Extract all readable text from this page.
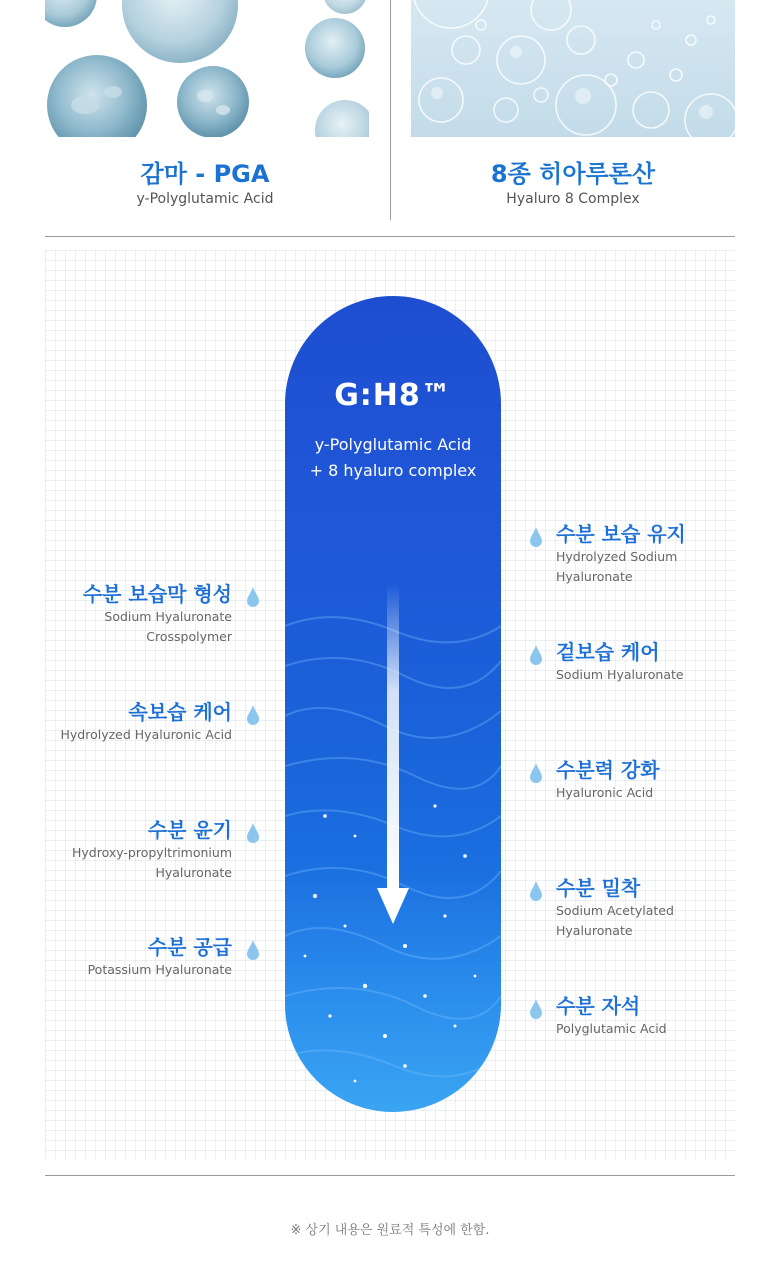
감마 - PGA
y-Polyglutamic Acid
8종 히아루론산
Hyaluro 8 Complex
G:H8™
y-Polyglutamic Acid
+ 8 hyaluro complex
수분 보습막 형성
Sodium Hyaluronate
Crosspolymer
속보습 케어
Hydrolyzed Hyaluronic Acid
수분 윤기
Hydroxy-propyltrimonium
Hyaluronate
수분 공급
Potassium Hyaluronate
수분 보습 유지
Hydrolyzed Sodium
Hyaluronate
겉보습 케어
Sodium Hyaluronate
수분력 강화
Hyaluronic Acid
수분 밀착
Sodium Acetylated
Hyaluronate
수분 자석
Polyglutamic Acid
※ 상기 내용은 원료적 특성에 한함.
